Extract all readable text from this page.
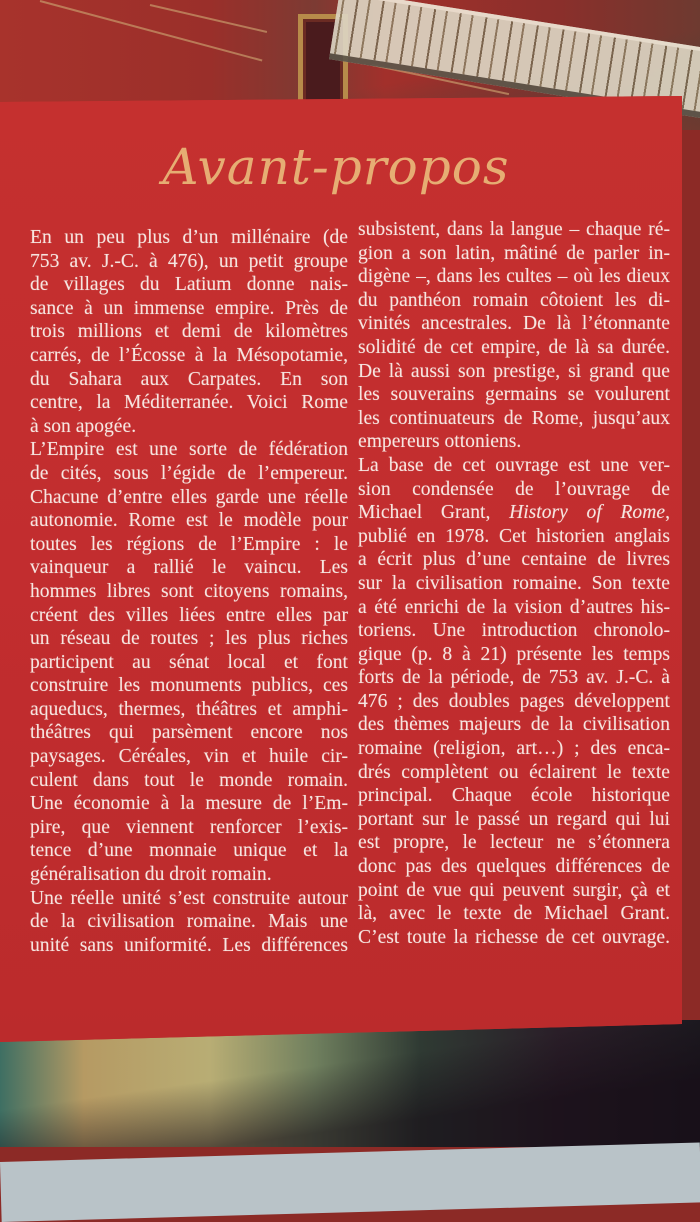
Avant-propos
En un peu plus d’un millénaire (de
753 av. J.-C. à 476), un petit groupe
de villages du Latium donne nais-
sance à un immense empire. Près de
trois millions et demi de kilomètres
carrés, de l’Écosse à la Mésopotamie,
du Sahara aux Carpates. En son
centre, la Méditerranée. Voici Rome
à son apogée.
L’Empire est une sorte de fédération
de cités, sous l’égide de l’empereur.
Chacune d’entre elles garde une réelle
autonomie. Rome est le modèle pour
toutes les régions de l’Empire : le
vainqueur a rallié le vaincu. Les
hommes libres sont citoyens romains,
créent des villes liées entre elles par
un réseau de routes ; les plus riches
participent au sénat local et font
construire les monuments publics, ces
aqueducs, thermes, théâtres et amphi-
théâtres qui parsèment encore nos
paysages. Céréales, vin et huile cir-
culent dans tout le monde romain.
Une économie à la mesure de l’Em-
pire, que viennent renforcer l’exis-
tence d’une monnaie unique et la
généralisation du droit romain.
Une réelle unité s’est construite autour
de la civilisation romaine. Mais une
unité sans uniformité. Les différences
subsistent, dans la langue – chaque ré-
gion a son latin, mâtiné de parler in-
digène –, dans les cultes – où les dieux
du panthéon romain côtoient les di-
vinités ancestrales. De là l’étonnante
solidité de cet empire, de là sa durée.
De là aussi son prestige, si grand que
les souverains germains se voulurent
les continuateurs de Rome, jusqu’aux
empereurs ottoniens.
La base de cet ouvrage est une ver-
sion condensée de l’ouvrage de
Michael Grant, History of Rome,
publié en 1978. Cet historien anglais
a écrit plus d’une centaine de livres
sur la civilisation romaine. Son texte
a été enrichi de la vision d’autres his-
toriens. Une introduction chronolo-
gique (p. 8 à 21) présente les temps
forts de la période, de 753 av. J.-C. à
476 ; des doubles pages développent
des thèmes majeurs de la civilisation
romaine (religion, art…) ; des enca-
drés complètent ou éclairent le texte
principal. Chaque école historique
portant sur le passé un regard qui lui
est propre, le lecteur ne s’étonnera
donc pas des quelques différences de
point de vue qui peuvent surgir, çà et
là, avec le texte de Michael Grant.
C’est toute la richesse de cet ouvrage.
